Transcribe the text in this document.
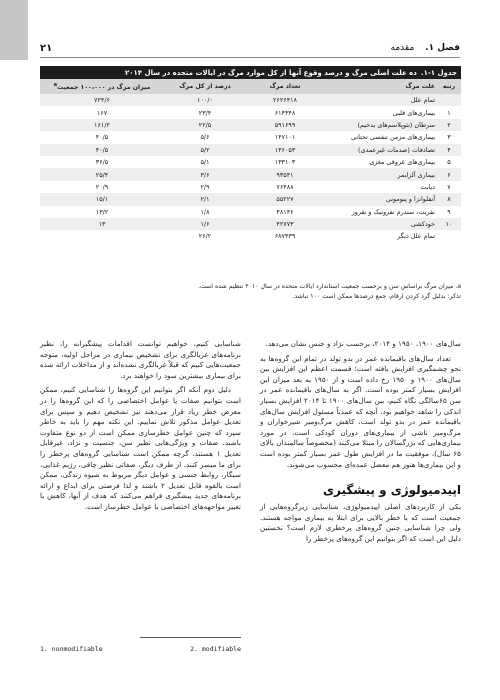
فصل ۱.

مقدمه
۲۱
جدول ۱-۱.
ده علت اصلی مرگ و درصد وقوع آنها از کل موارد مرگ در ایالات متحده در سال ۲۰۱۴
رتبه
علت مرگ
تعداد مرگ
درصد از کل مرگ
میزان مرگ در ۱۰۰،۰۰۰ جمعیت$^a$
تمام علل
۲۶۲۶۴۱۸
۱۰۰/۰
۷۲۴/۶
۱
بیماری‌های قلبی
۶۱۴۳۴۸
۲۳/۴
۱۶۷
۲
سرطان (نئوپلاسم‌های بدخیم)
۵۹۱۶۹۹
۲۲/۵
۱۶۱/۲
۳
بیماری‌های مزمن تنفسی تحتانی
۱۴۷۱۰۱
۵/۶
۴۰/۵
۴
تصادفات (صدمات غیرعمدی)
۱۳۶۰۵۳
۵/۲
۴۰/۵
۵
بیماری‌های عروقی مغزی
۱۳۳۱۰۳
۵/۱
۳۶/۵
۶
بیماری آلزایمر
۹۳۵۴۱
۳/۶
۲۵/۴
۷
دیابت
۷۶۴۸۸
۲/۹
۲۰/۹
۸
آنفلوانزا و پنومونی
۵۵۲۲۷
۲/۱
۱۵/۱
۹
نفریت، سندرم نفروتیک و نفروز
۴۸۱۴۶
۱/۸
۱۳/۲
۱۰
خودکشی
۴۲۷۷۳
۱/۶
۱۳
تمام علل دیگر
۶۸۷۴۳۹
۲۶/۲
a. میزان مرگ براساس سن و برحسب جمعیت استاندارد ایالات متحده در سال ۲۰۱۰ تنظیم شده است.
تذکر: بدلیل گرد کردن ارقام، جمع درصدها ممکن است ۱۰۰ نباشد.

سال‌های ۱۹۰۰، ۱۹۵۰ و ۲۰۱۴، برحسب نژاد و جنس نشان می‌دهد.

تعداد سال‌های باقیمانده عمر در بدو تولد در تمام این گروه‌ها به نحو چشمگیری افزایش یافته است؛ قسمت اعظم این افزایش بین سال‌های ۱۹۰۰ و ۱۹۵۰ رخ داده است و از ۱۹۵۰ به بعد میزان این افزایش بسیار کمتر بوده است. اگر به سال‌های باقیمانده عمر در سن ۶۵سالگی نگاه کنیم، بین سال‌های ۱۹۰۰ تا ۲۰۱۴ افزایش بسیار اندکی را شاهد خواهیم بود. آنچه که عمدتاً مسئول افزایش سال‌های باقیمانده عمر در بدو تولد است، کاهش مرگ‌ومیر شیرخواران و مرگ‌ومیر ناشی از بیماری‌های دوران کودکی است. در مورد بیماری‌هایی که بزرگسالان را مبتلا می‌کنند (مخصوصاً سالمندان بالای ۶۵ سال)، موفقیت ما در افزایش طول عمر بسیار کمتر بوده است و این بیماری‌ها هنوز هم معضل عمده‌ای محسوب می‌شوند.

اپیدمیولوژی و پیشگیری

یکی از کاربردهای اصلی اپیدمیولوژی، شناسایی زیرگروه‌هایی از جمعیت است که با خطر بالایی برای ابتلا به بیماری مواجه هستند. ولی چرا شناسایی چنین گروه‌های پرخطری لازم است؟ نخستین دلیل این است که اگر بتوانیم این گروه‌های پرخطر را

شناسایی کنیم، خواهیم توانست اقدامات پیشگیرانه را، نظیر برنامه‌های غربالگری برای تشخیص بیماری در مراحل اولیه، متوجه جمعیت‌هایی کنیم که قبلاً غربالگری نشده‌اند و از مداخلات ارائه شده برای بیماری بیشترین سود را خواهند برد.

دلیل دوم آنکه اگر بتوانیم این گروه‌ها را شناسایی کنیم، ممکن است بتوانیم صفات یا عوامل اختصاصی را که این گروه‌ها را در معرض خطر زیاد قرار می‌دهند نیز تشخیص دهیم و سپس برای تعدیل عوامل مذکور تلاش نماییم. این نکته مهم را باید به خاطر سپرد که چنین عوامل خطرسازی ممکن است از دو نوع متفاوت باشند. صفات و ویژگی‌هایی نظیر سن، جنسیت و نژاد، غیرقابل تعدیل ۱ هستند، گرچه ممکن است شناسایی گروه‌های پرخطر را برای ما میسر کنند. از طرف دیگر، صفاتی نظیر چاقی، رژیم غذایی، سیگار، روابط جنسی و عوامل دیگر مربوط به شیوه زندگی، ممکن است بالقوه قابل تعدیل ۲ باشند و لذا فرصتی برای ابداع و ارائه برنامه‌های جدید پیشگیری فراهم می‌کنند که هدف از آنها، کاهش یا تغییر مواجهه‌های اختصاصی با عوامل خطرساز است.

1. nonmodifiable	2. modifiable
